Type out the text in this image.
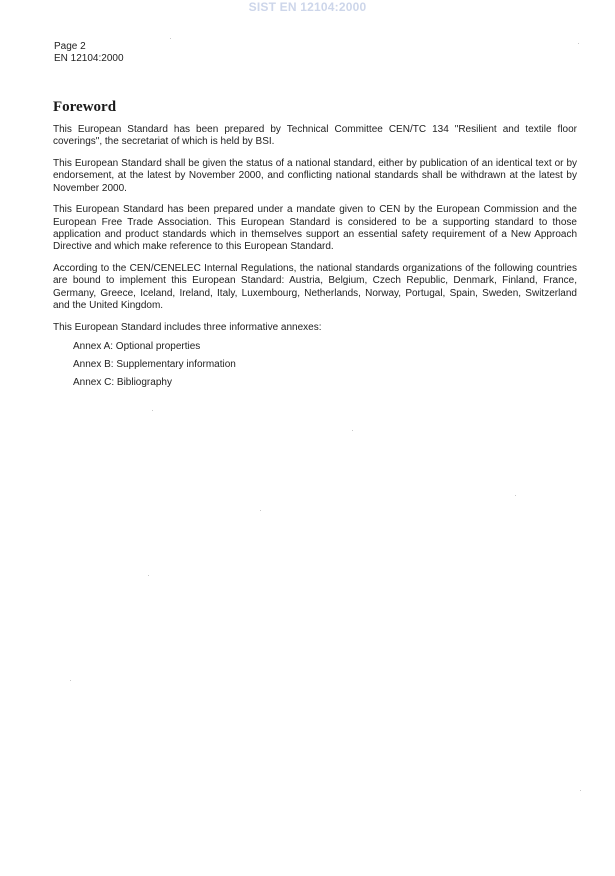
SIST EN 12104:2000
Page 2
EN 12104:2000
Foreword

This European Standard has been prepared by Technical Committee CEN/TC 134 "Resilient and textile floor coverings", the secretariat of which is held by BSI.

This European Standard shall be given the status of a national standard, either by publication of an identical text or by endorsement, at the latest by November 2000, and conflicting national standards shall be withdrawn at the latest by November 2000.

This European Standard has been prepared under a mandate given to CEN by the European Commission and the European Free Trade Association. This European Standard is considered to be a supporting standard to those application and product standards which in themselves support an essential safety requirement of a New Approach Directive and which make reference to this European Standard.

According to the CEN/CENELEC Internal Regulations, the national standards organizations of the following countries are bound to implement this European Standard: Austria, Belgium, Czech Republic, Denmark, Finland, France, Germany, Greece, Iceland, Ireland, Italy, Luxembourg, Netherlands, Norway, Portugal, Spain, Sweden, Switzerland and the United Kingdom.

This European Standard includes three informative annexes:

Annex A: Optional properties
Annex B: Supplementary information
Annex C: Bibliography
